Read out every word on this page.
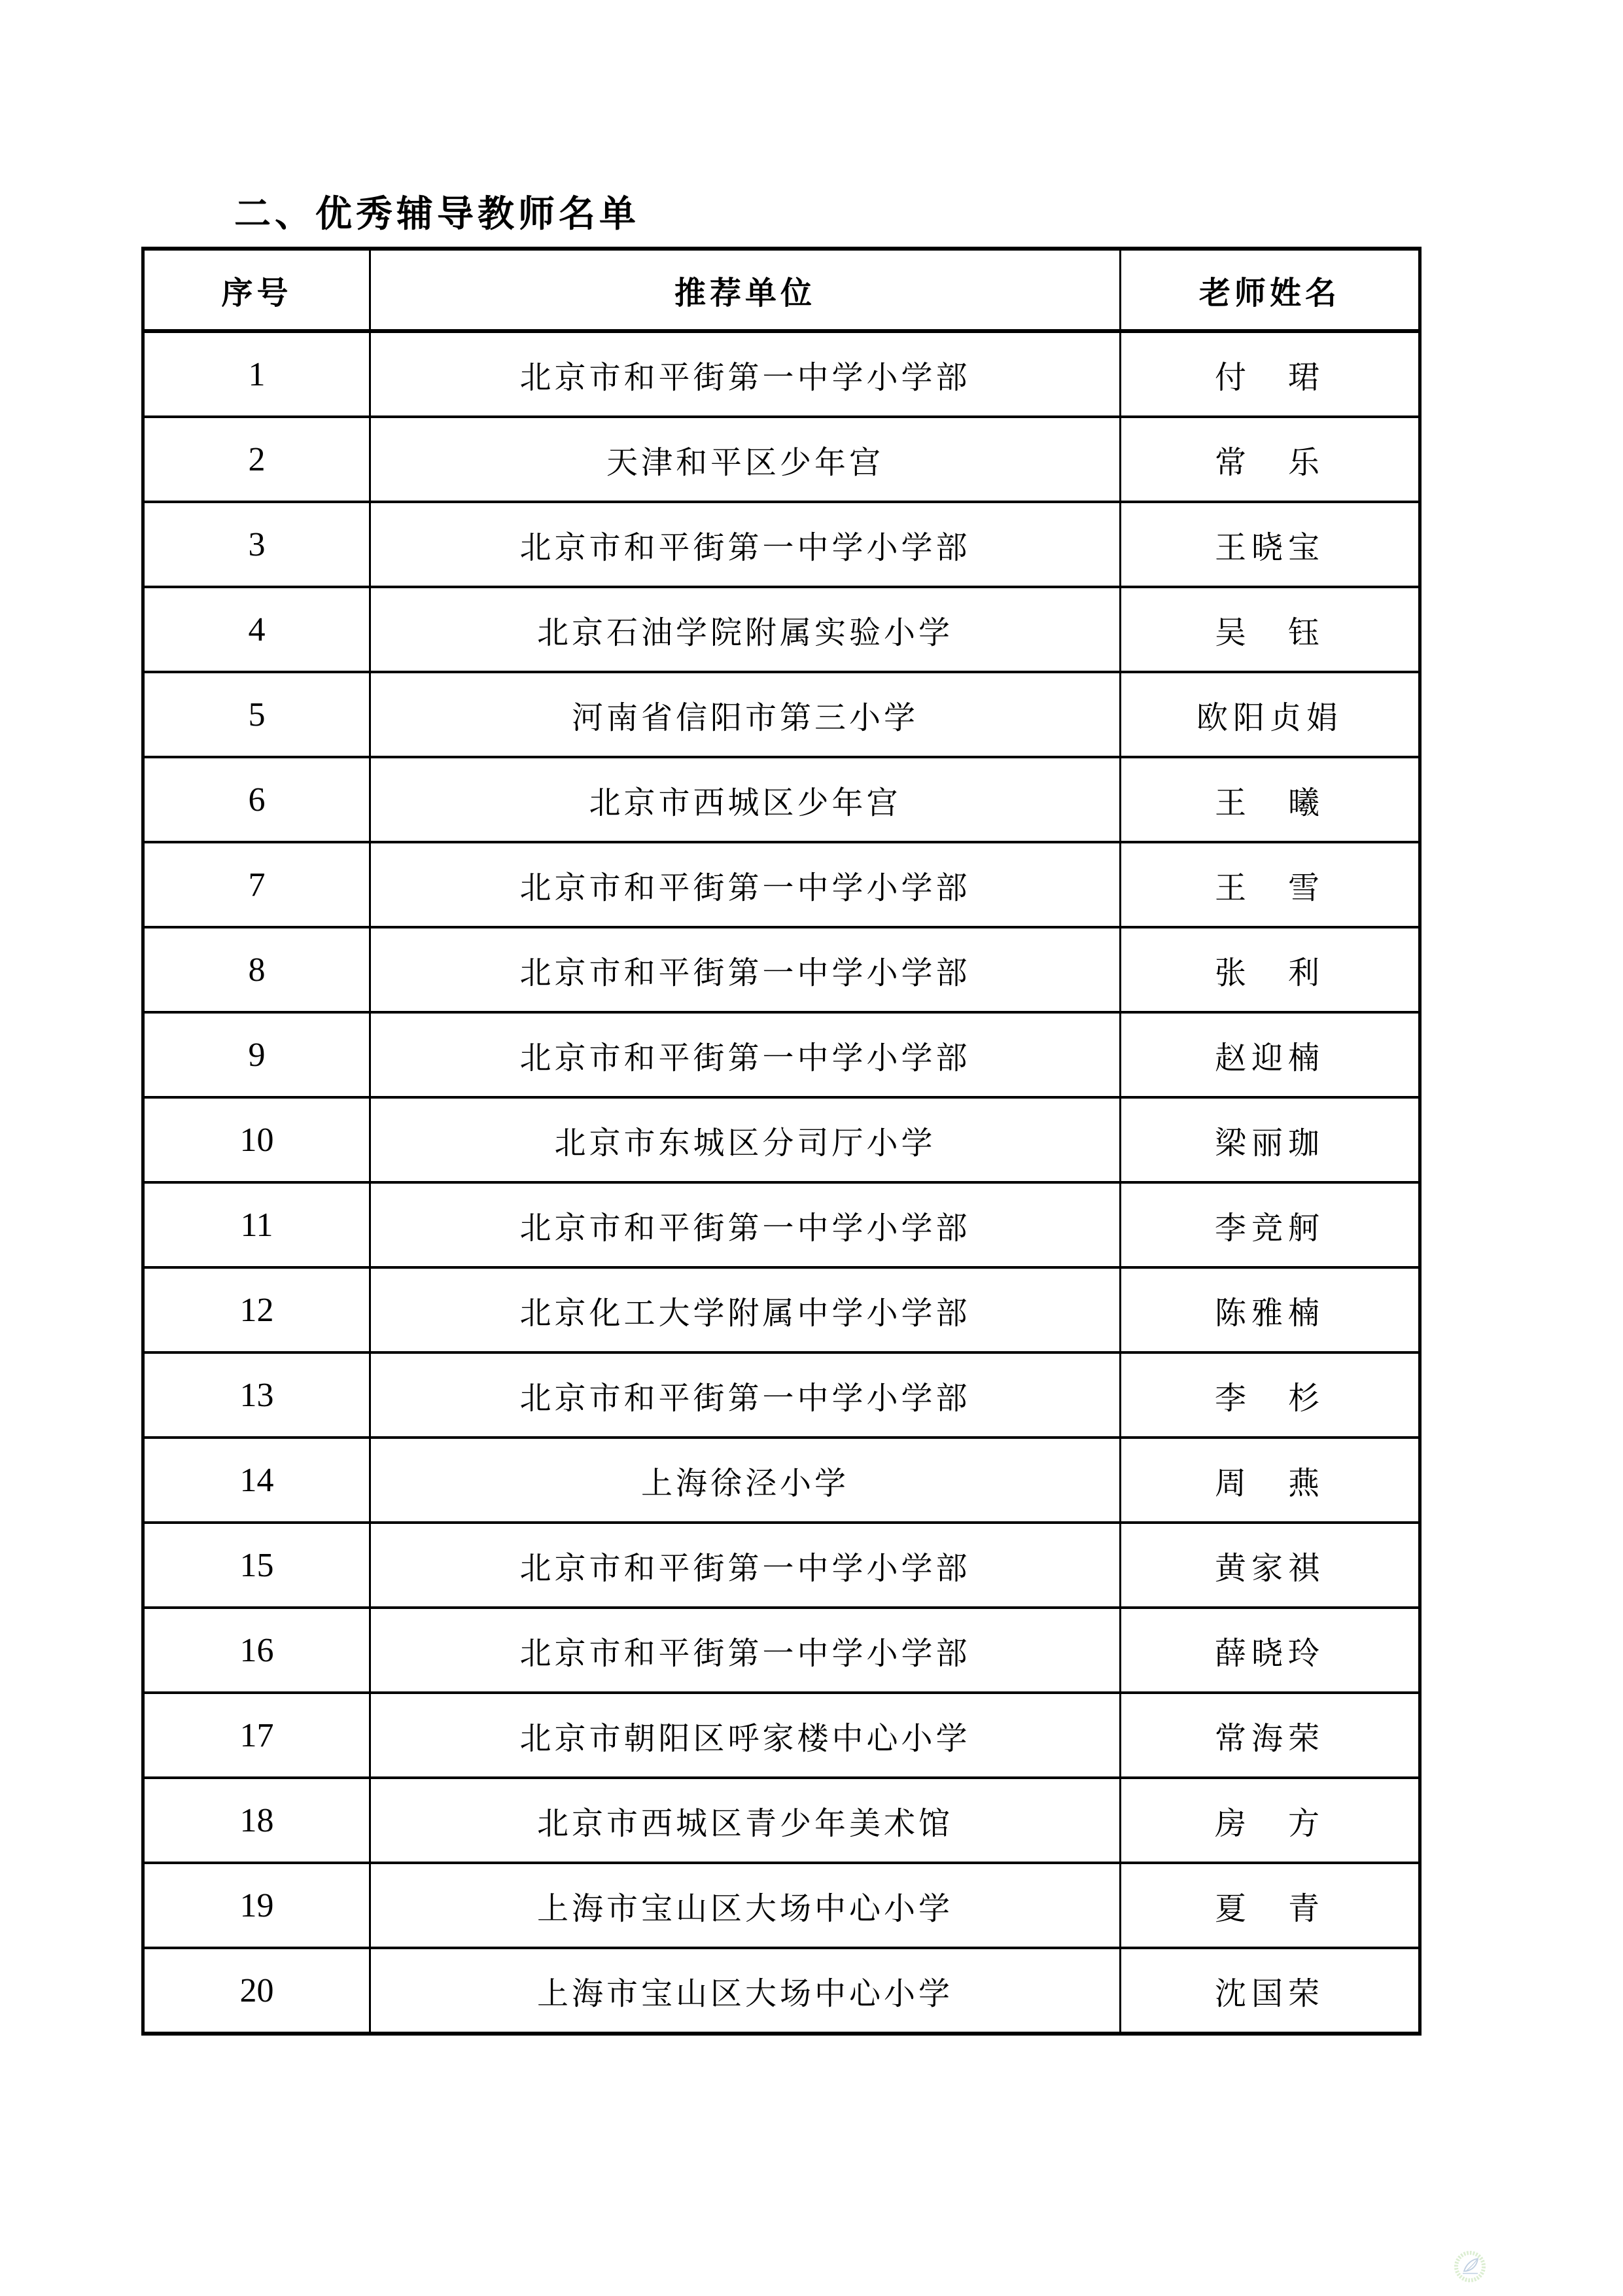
二、优秀辅导教师名单
序号	推荐单位	老师姓名
1	北京市和平街第一中学小学部	付　珺
2	天津和平区少年宫	常　乐
3	北京市和平街第一中学小学部	王晓宝
4	北京石油学院附属实验小学	吴　钰
5	河南省信阳市第三小学	欧阳贞娟
6	北京市西城区少年宫	王　曦
7	北京市和平街第一中学小学部	王　雪
8	北京市和平街第一中学小学部	张　利
9	北京市和平街第一中学小学部	赵迎楠
10	北京市东城区分司厅小学	梁丽珈
11	北京市和平街第一中学小学部	李竞舸
12	北京化工大学附属中学小学部	陈雅楠
13	北京市和平街第一中学小学部	李　杉
14	上海徐泾小学	周　燕
15	北京市和平街第一中学小学部	黄家祺
16	北京市和平街第一中学小学部	薛晓玲
17	北京市朝阳区呼家楼中心小学	常海荣
18	北京市西城区青少年美术馆	房　方
19	上海市宝山区大场中心小学	夏　青
20	上海市宝山区大场中心小学	沈国荣
